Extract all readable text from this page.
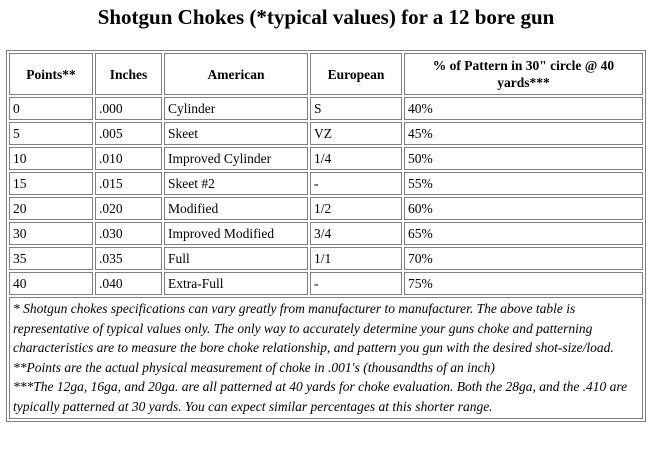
Shotgun Chokes (*typical values) for a 12 bore gun
Points**	Inches	American	European	% of Pattern in 30" circle @ 40 yards***
0	.000	Cylinder	S	40%
5	.005	Skeet	VZ	45%
10	.010	Improved Cylinder	1/4	50%
15	.015	Skeet #2	-	55%
20	.020	Modified	1/2	60%
30	.030	Improved Modified	3/4	65%
35	.035	Full	1/1	70%
40	.040	Extra-Full	-	75%

* Shotgun chokes specifications can vary greatly from manufacturer to manufacturer. The above table is representative of typical values only. The only way to accurately determine your guns choke and patterning characteristics are to measure the bore choke relationship, and pattern you gun with the desired shot-size/load.

**Points are the actual physical measurement of choke in .001's (thousandths of an inch)

***The 12ga, 16ga, and 20ga. are all patterned at 40 yards for choke evaluation. Both the 28ga, and the .410 are typically patterned at 30 yards. You can expect similar percentages at this shorter range.				
